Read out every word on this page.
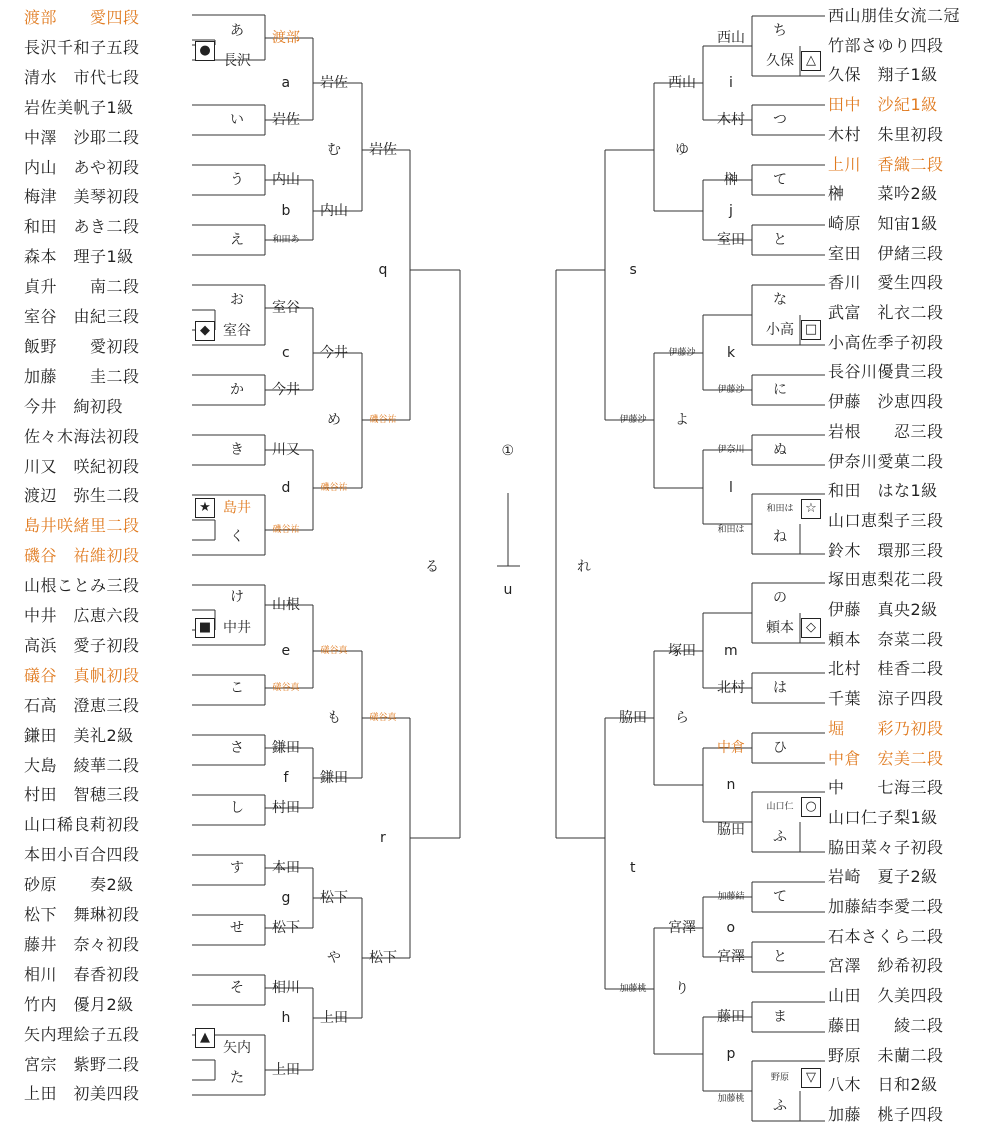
渡部　　愛四段
長沢千和子五段
清水　市代七段
岩佐美帆子1級
中澤　沙耶二段
内山　あや初段
梅津　美琴初段
和田　あき二段
森本　理子1級
貞升　　南二段
室谷　由紀三段
飯野　　愛初段
加藤　　圭二段
今井　絢初段
佐々木海法初段
川又　咲紀初段
渡辺　弥生二段
島井咲緒里二段
磯谷　祐維初段
山根ことみ三段
中井　広恵六段
高浜　愛子初段
礒谷　真帆初段
石高　澄恵三段
鎌田　美礼2級
大島　綾華二段
村田　智穂三段
山口稀良莉初段
本田小百合四段
砂原　　奏2級
松下　舞琳初段
藤井　奈々初段
相川　春香初段
竹内　優月2級
矢内理絵子五段
宮宗　紫野二段
上田　初美四段
西山朋佳女流二冠
竹部さゆり四段
久保　翔子1級
田中　沙紀1級
木村　朱里初段
上川　香織二段
榊　　菜吟2級
崎原　知宙1級
室田　伊緒三段
香川　愛生四段
武富　礼衣二段
小高佐季子初段
長谷川優貴三段
伊藤　沙恵四段
岩根　　忍三段
伊奈川愛菓二段
和田　はな1級
山口恵梨子三段
鈴木　環那三段
塚田恵梨花二段
伊藤　真央2級
頼本　奈菜二段
北村　桂香二段
千葉　涼子四段
堀　　彩乃初段
中倉　宏美二段
中　　七海三段
山口仁子梨1級
脇田菜々子初段
岩崎　夏子2級
加藤結李愛二段
石本さくら二段
宮澤　紗希初段
山田　久美四段
藤田　　綾二段
野原　未蘭二段
八木　日和2級
加藤　桃子四段
あ 渡部
●
長沢
い 岩佐
う 内山
え	和田あ
お 室谷
◆ 室谷
か 今井
き 川又
く	磯谷祐
★ 島井
け 山根
■ 中井
こ	礒谷真
さ 鎌田
し 村田
す 本田
せ 松下
そ 相川
た 上田
▲
矢内
a 岩佐
b 内山
c 今井
d	磯谷祐
e	礒谷真
f 鎌田
g 松下
h 上田
む 岩佐
め	磯谷祐
も	礒谷真
や 松下
q
r
る
①
u
ち
△
久保
つ
木村
て
榊
と
室田
な
□
小高
に
伊藤沙
ぬ
伊奈川
ね
☆
和田は
和田は
の
◇
頼本
は
北村
ひ
中倉
ふ
○
山口仁
脇田
て
加藤結
と
宮澤
ま
藤田
ふ
▽
野原
加藤桃
i
j
k
l
m
n
o
p
西山
ゆ
西山
よ
伊藤沙
ら
塚田
り
宮澤
s
伊藤沙
t
加藤桃
脇田
れ
